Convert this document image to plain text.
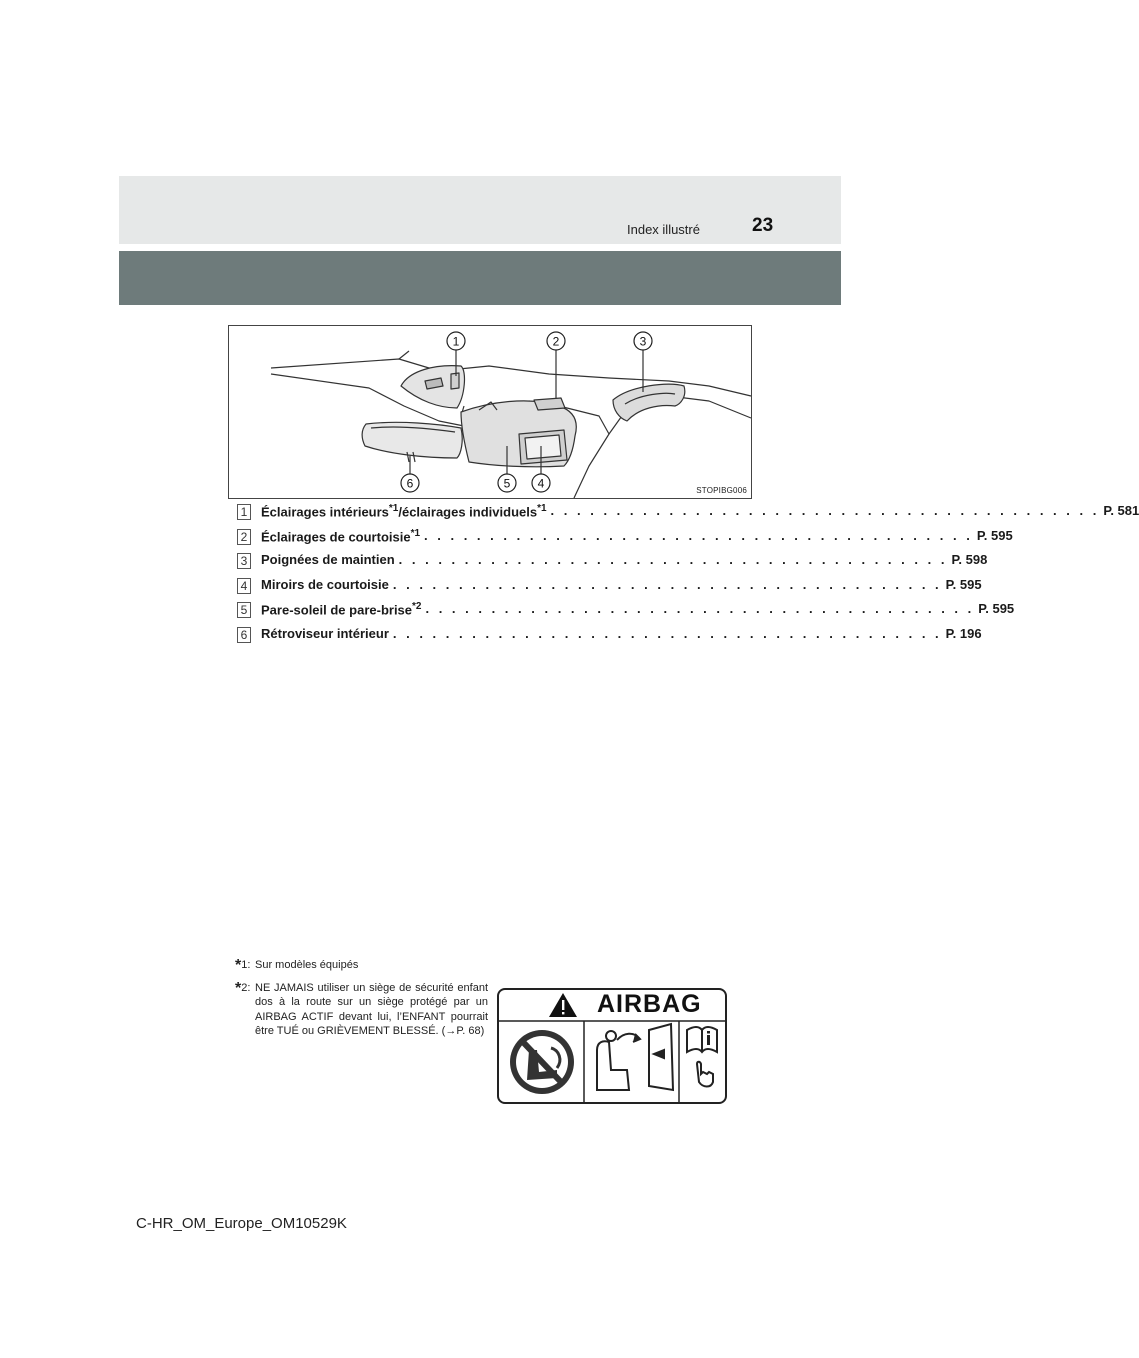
Index illustré	23
1	2	3
4
5
6	STOPIBG006
1 Éclairages intérieurs$^{*1}$/éclairages individuels$^{*1}$ . . . . . . . . . . . . . . . . . . . . . . . . . . . . . . . . . . . . . . . . . . P. 581
2 Éclairages de courtoisie$^{*1}$ . . . . . . . . . . . . . . . . . . . . . . . . . . . . . . . . . . . . . . . . . . P. 595
3 Poignées de maintien . . . . . . . . . . . . . . . . . . . . . . . . . . . . . . . . . . . . . . . . . . P. 598
4 Miroirs de courtoisie . . . . . . . . . . . . . . . . . . . . . . . . . . . . . . . . . . . . . . . . . . P. 595
5 Pare-soleil de pare-brise$^{*2}$ . . . . . . . . . . . . . . . . . . . . . . . . . . . . . . . . . . . . . . . . . . P. 595
6 Rétroviseur intérieur . . . . . . . . . . . . . . . . . . . . . . . . . . . . . . . . . . . . . . . . . . P. 196
*1: Sur modèles équipés
*2: NE JAMAIS utiliser un siège de sécurité enfant dos à la route sur un siège protégé par un AIRBAG ACTIF devant lui, l’ENFANT pourrait être TUÉ ou GRIÈVEMENT BLESSÉ. (→P. 68)
AIRBAG
C-HR_OM_Europe_OM10529K
